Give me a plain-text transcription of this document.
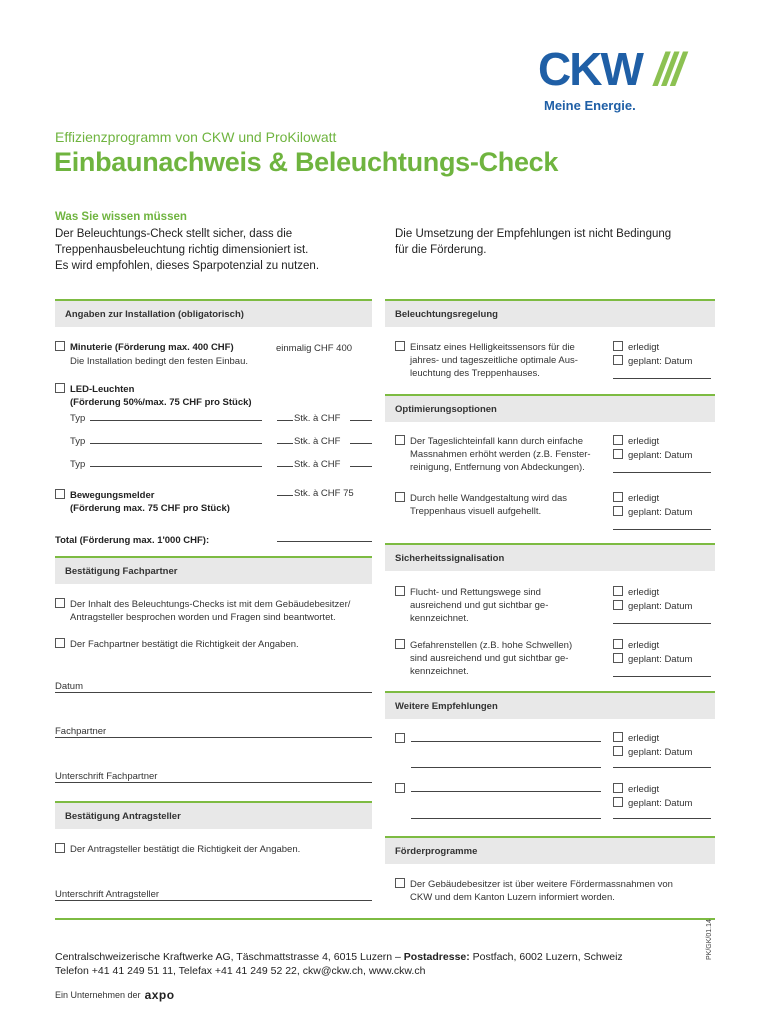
CKW ///
Meine Energie.
Effizienzprogramm von CKW und ProKilowatt
Einbaunachweis & Beleuchtungs-Check
Was Sie wissen müssen
Der Beleuchtungs-Check stellt sicher, dass die
Treppenhausbeleuchtung richtig dimensioniert ist.
Es wird empfohlen, dieses Sparpotenzial zu nutzen.
Die Umsetzung der Empfehlungen ist nicht Bedingung
für die Förderung.
Angaben zur Installation (obligatorisch)
Minuterie (Förderung max. 400 CHF)
Die Installation bedingt den festen Einbau.
einmalig CHF 400
LED-Leuchten
(Förderung 50%/max. 75 CHF pro Stück)
Typ	Stk. à CHF
Typ	Stk. à CHF
Typ	Stk. à CHF
Bewegungsmelder
(Förderung max. 75 CHF pro Stück)
Stk. à CHF 75
Total (Förderung max. 1'000 CHF):
Bestätigung Fachpartner
Der Inhalt des Beleuchtungs-Checks ist mit dem Gebäudebesitzer/
Antragsteller besprochen worden und Fragen sind beantwortet.
Der Fachpartner bestätigt die Richtigkeit der Angaben.
Datum
Fachpartner
Unterschrift Fachpartner
Bestätigung Antragsteller
Der Antragsteller bestätigt die Richtigkeit der Angaben.
Unterschrift Antragsteller
Beleuchtungsregelung
Einsatz eines Helligkeitssensors für die
jahres- und tageszeitliche optimale Aus-
leuchtung des Treppenhauses.
erledigt
geplant: Datum
Optimierungsoptionen
Der Tageslichteinfall kann durch einfache
Massnahmen erhöht werden (z.B. Fenster-
reinigung, Entfernung von Abdeckungen).
erledigt
geplant: Datum
Durch helle Wandgestaltung wird das
Treppenhaus visuell aufgehellt.
erledigt
geplant: Datum
Sicherheitssignalisation
Flucht- und Rettungswege sind
ausreichend und gut sichtbar ge-
kennzeichnet.
erledigt
geplant: Datum
Gefahrenstellen (z.B. hohe Schwellen)
sind ausreichend und gut sichtbar ge-
kennzeichnet.
erledigt
geplant: Datum
Weitere Empfehlungen
erledigt
geplant: Datum
erledigt
geplant: Datum
Förderprogramme
Der Gebäudebesitzer ist über weitere Fördermassnahmen von
CKW und dem Kanton Luzern informiert worden.
Centralschweizerische Kraftwerke AG, Täschmattstrasse 4, 6015 Luzern – Postadresse: Postfach, 6002 Luzern, Schweiz
Telefon +41 41 249 51 11, Telefax +41 41 249 52 22, ckw@ckw.ch, www.ckw.ch
Ein Unternehmen der axpo
PK/GK/01.14
